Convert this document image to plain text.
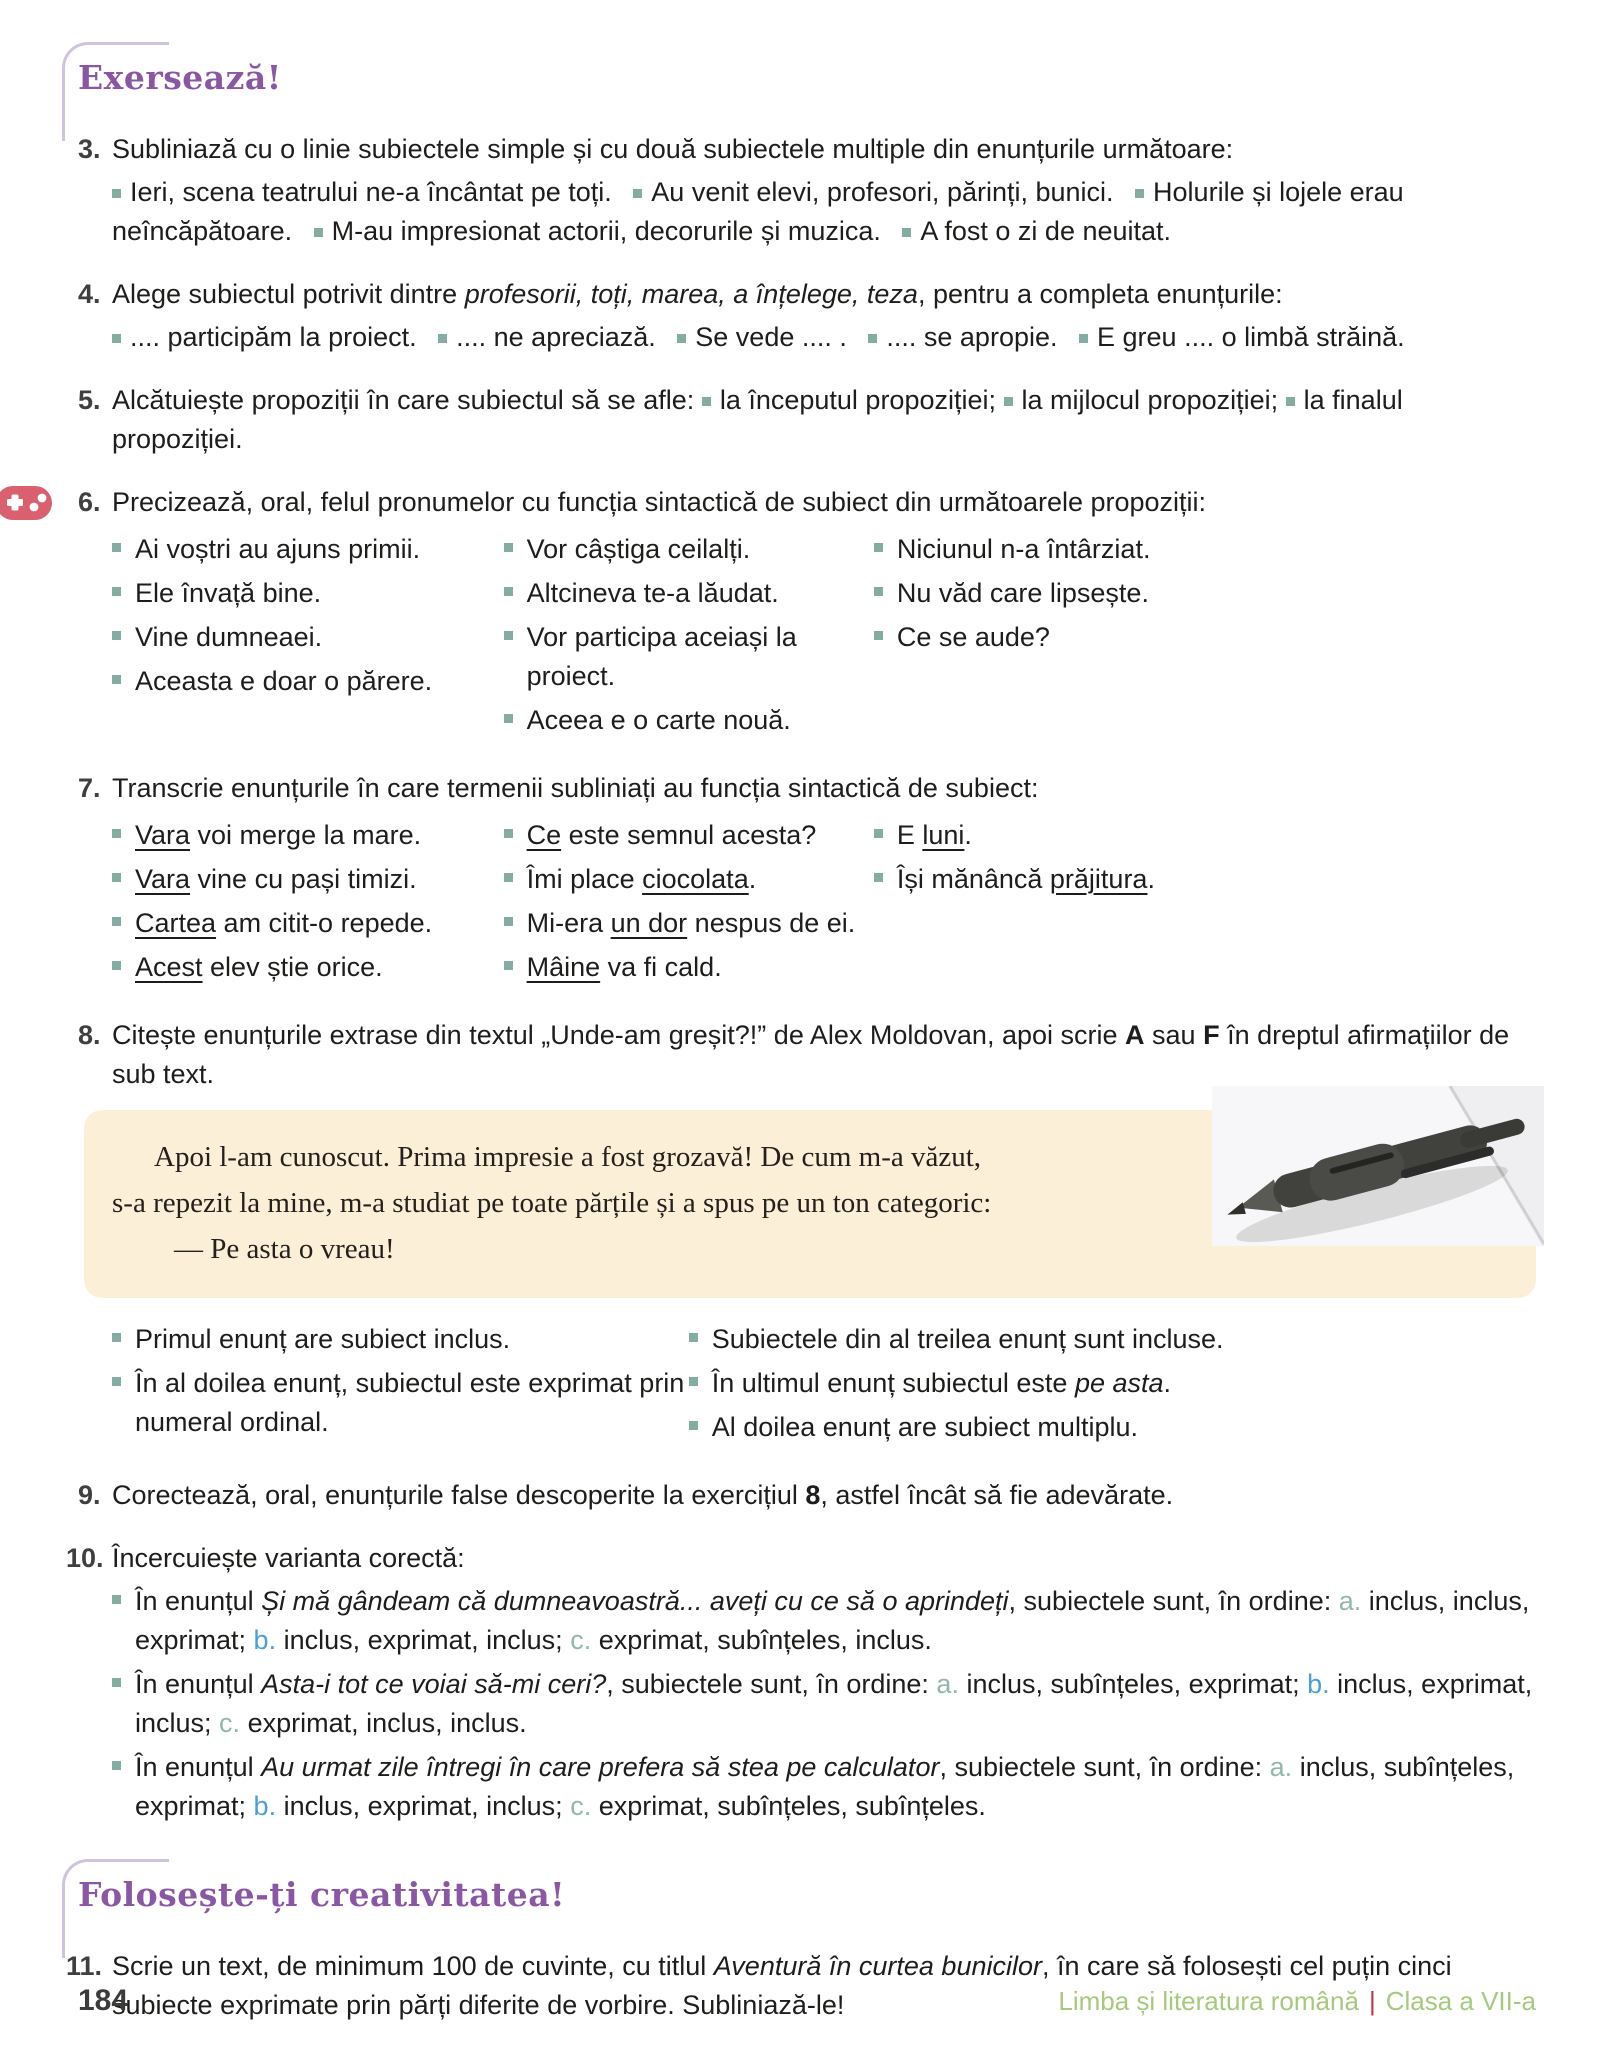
Exersează!
3. Subliniază cu o linie subiectele simple și cu două subiectele multiple din enunțurile următoare:
Ieri, scena teatrului ne-a încântat pe toți. Au venit elevi, profesori, părinți, bunici. Holurile și lojele erau neîncăpătoare. M-au impresionat actorii, decorurile și muzica. A fost o zi de neuitat.
4. Alege subiectul potrivit dintre profesorii, toți, marea, a înțelege, teza, pentru a completa enunțurile:
.... participăm la proiect. .... ne apreciază. Se vede .... . .... se apropie. E greu .... o limbă străină.
5. Alcătuiește propoziții în care subiectul să se afle: la începutul propoziției; la mijlocul propoziției; la finalul propoziției.
6. Precizează, oral, felul pronumelor cu funcția sintactică de subiect din următoarele propoziții:
Ai voștri au ajuns primii.
Ele învață bine.
Vine dumneaei.
Aceasta e doar o părere.
Vor câștiga ceilalți.
Altcineva te-a lăudat.
Vor participa aceiași la proiect.
Aceea e o carte nouă.
Niciunul n-a întârziat.
Nu văd care lipsește.
Ce se aude?
7. Transcrie enunțurile în care termenii subliniați au funcția sintactică de subiect:
Vara voi merge la mare.
Vara vine cu pași timizi.
Cartea am citit-o repede.
Acest elev știe orice.
Ce este semnul acesta?
Îmi place ciocolata.
Mi-era un dor nespus de ei.
Mâine va fi cald.
E luni.
Își mănâncă prăjitura.
8. Citește enunțurile extrase din textul „Unde-am greșit?!” de Alex Moldovan, apoi scrie A sau F în dreptul afirmațiilor de sub text.
Apoi l-am cunoscut. Prima impresie a fost grozavă! De cum m-a văzut,
s-a repezit la mine, m-a studiat pe toate părțile și a spus pe un ton categoric:
— Pe asta o vreau!
Primul enunț are subiect inclus.
În al doilea enunț, subiectul este exprimat prin numeral ordinal.
Subiectele din al treilea enunț sunt incluse.
În ultimul enunț subiectul este pe asta.
Al doilea enunț are subiect multiplu.
9. Corectează, oral, enunțurile false descoperite la exercițiul 8, astfel încât să fie adevărate.
10. Încercuiește varianta corectă:
În enunțul Și mă gândeam că dumneavoastră... aveți cu ce să o aprindeți, subiectele sunt, în ordine: a. inclus, inclus, exprimat; b. inclus, exprimat, inclus; c. exprimat, subînțeles, inclus.
În enunțul Asta-i tot ce voiai să-mi ceri?, subiectele sunt, în ordine: a. inclus, subînțeles, exprimat; b. inclus, exprimat, inclus; c. exprimat, inclus, inclus.
În enunțul Au urmat zile întregi în care prefera să stea pe calculator, subiectele sunt, în ordine: a. inclus, subînțeles, exprimat; b. inclus, exprimat, inclus; c. exprimat, subînțeles, subînțeles.
Folosește-ți creativitatea!
11. Scrie un text, de minimum 100 de cuvinte, cu titlul Aventură în curtea bunicilor, în care să folosești cel puțin cinci subiecte exprimate prin părți diferite de vorbire. Subliniază-le!
184	Limba și literatura română | Clasa a VII-a
